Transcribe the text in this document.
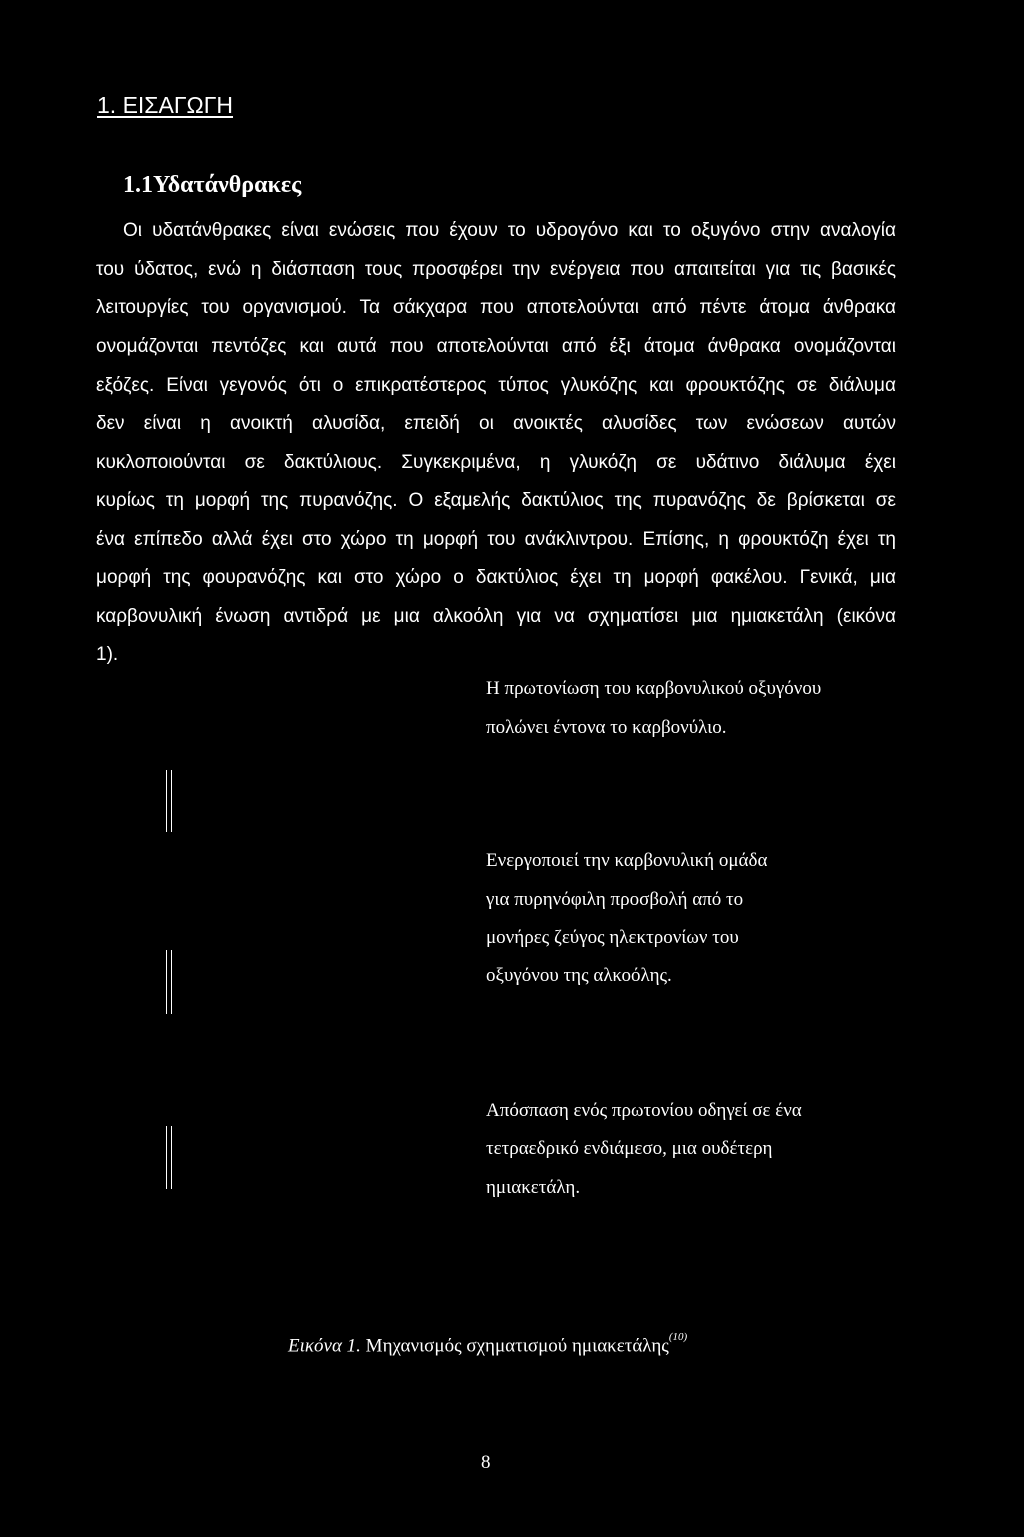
1. ΕΙΣΑΓΩΓΗ
1.1Υδατάνθρακες
Οι υδατάνθρακες είναι ενώσεις που έχουν το υδρογόνο και το οξυγόνο στην αναλογία
του ύδατος, ενώ η διάσπαση τους προσφέρει την ενέργεια που απαιτείται για τις βασικές
λειτουργίες του οργανισμού. Τα σάκχαρα που αποτελούνται από πέντε άτομα άνθρακα
ονομάζονται πεντόζες και αυτά που αποτελούνται από έξι άτομα άνθρακα ονομάζονται
εξόζες. Είναι γεγονός ότι ο επικρατέστερος τύπος γλυκόζης και φρουκτόζης σε διάλυμα
δεν είναι η ανοικτή αλυσίδα, επειδή οι ανοικτές αλυσίδες των ενώσεων αυτών
κυκλοποιούνται σε δακτύλιους. Συγκεκριμένα, η γλυκόζη σε υδάτινο διάλυμα έχει
κυρίως τη μορφή της πυρανόζης. Ο εξαμελής δακτύλιος της πυρανόζης δε βρίσκεται σε
ένα επίπεδο αλλά έχει στο χώρο τη μορφή του ανάκλιντρου. Επίσης, η φρουκτόζη έχει τη
μορφή της φουρανόζης και στο χώρο ο δακτύλιος έχει τη μορφή φακέλου. Γενικά, μια
καρβονυλική ένωση αντιδρά με μια αλκοόλη για να σχηματίσει μια ημιακετάλη (εικόνα
1).
Η πρωτονίωση του καρβονυλικού οξυγόνου
πολώνει έντονα το καρβονύλιο.
Ενεργοποιεί την καρβονυλική ομάδα
για πυρηνόφιλη προσβολή από το
μονήρες ζεύγος ηλεκτρονίων του
οξυγόνου της αλκοόλης.
Απόσπαση ενός πρωτονίου οδηγεί σε ένα
τετραεδρικό ενδιάμεσο, μια ουδέτερη
ημιακετάλη.
Εικόνα 1. Μηχανισμός σχηματισμού ημιακετάλης$^{(10)}$
8
